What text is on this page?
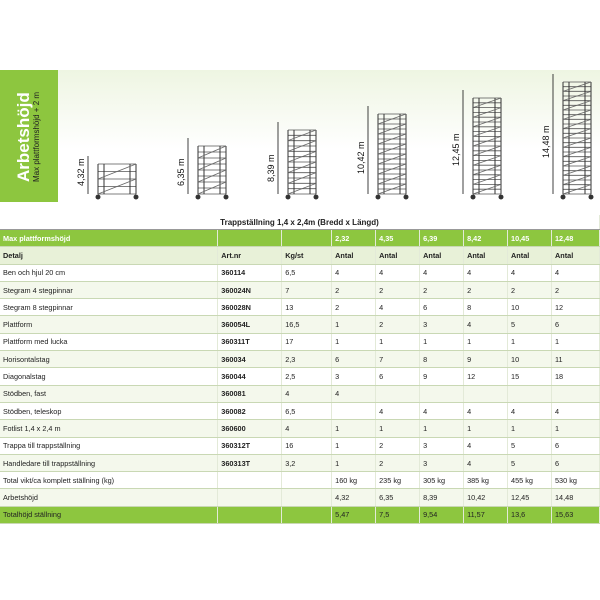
Arbetshöjd Max plattformshöjd + 2 m
Trappställning 1,4 x 2,4m (Bredd x Längd)								
Max plattformshöjd			2,32	4,35	6,39	8,42	10,45	12,48
Detalj	Art.nr	Kg/st	Antal	Antal	Antal	Antal	Antal	Antal
Ben och hjul 20 cm	360114	6,5	4	4	4	4	4	4
Stegram 4 stegpinnar	360024N	7	2	2	2	2	2	2
Stegram 8 stegpinnar	360028N	13	2	4	6	8	10	12
Plattform	360054L	16,5	1	2	3	4	5	6
Plattform med lucka	360311T	17	1	1	1	1	1	1
Horisontalstag	360034	2,3	6	7	8	9	10	11
Diagonalstag	360044	2,5	3	6	9	12	15	18
Stödben, fast	360081	4	4					
Stödben, teleskop	360082	6,5		4	4	4	4	4
Fotlist 1,4 x 2,4 m	360600	4	1	1	1	1	1	1
Trappa till trappställning	360312T	16	1	2	3	4	5	6
Handledare till trappställning	360313T	3,2	1	2	3	4	5	6
Total vikt/ca komplett ställning (kg)			160 kg	235 kg	305 kg	385 kg	455 kg	530 kg
Arbetshöjd			4,32	6,35	8,39	10,42	12,45	14,48
Totalhöjd ställning			5,47	7,5	9,54	11,57	13,6	15,63
4,32 m	6,35 m	8,39 m	10,42 m	12,45 m	14,48 m
